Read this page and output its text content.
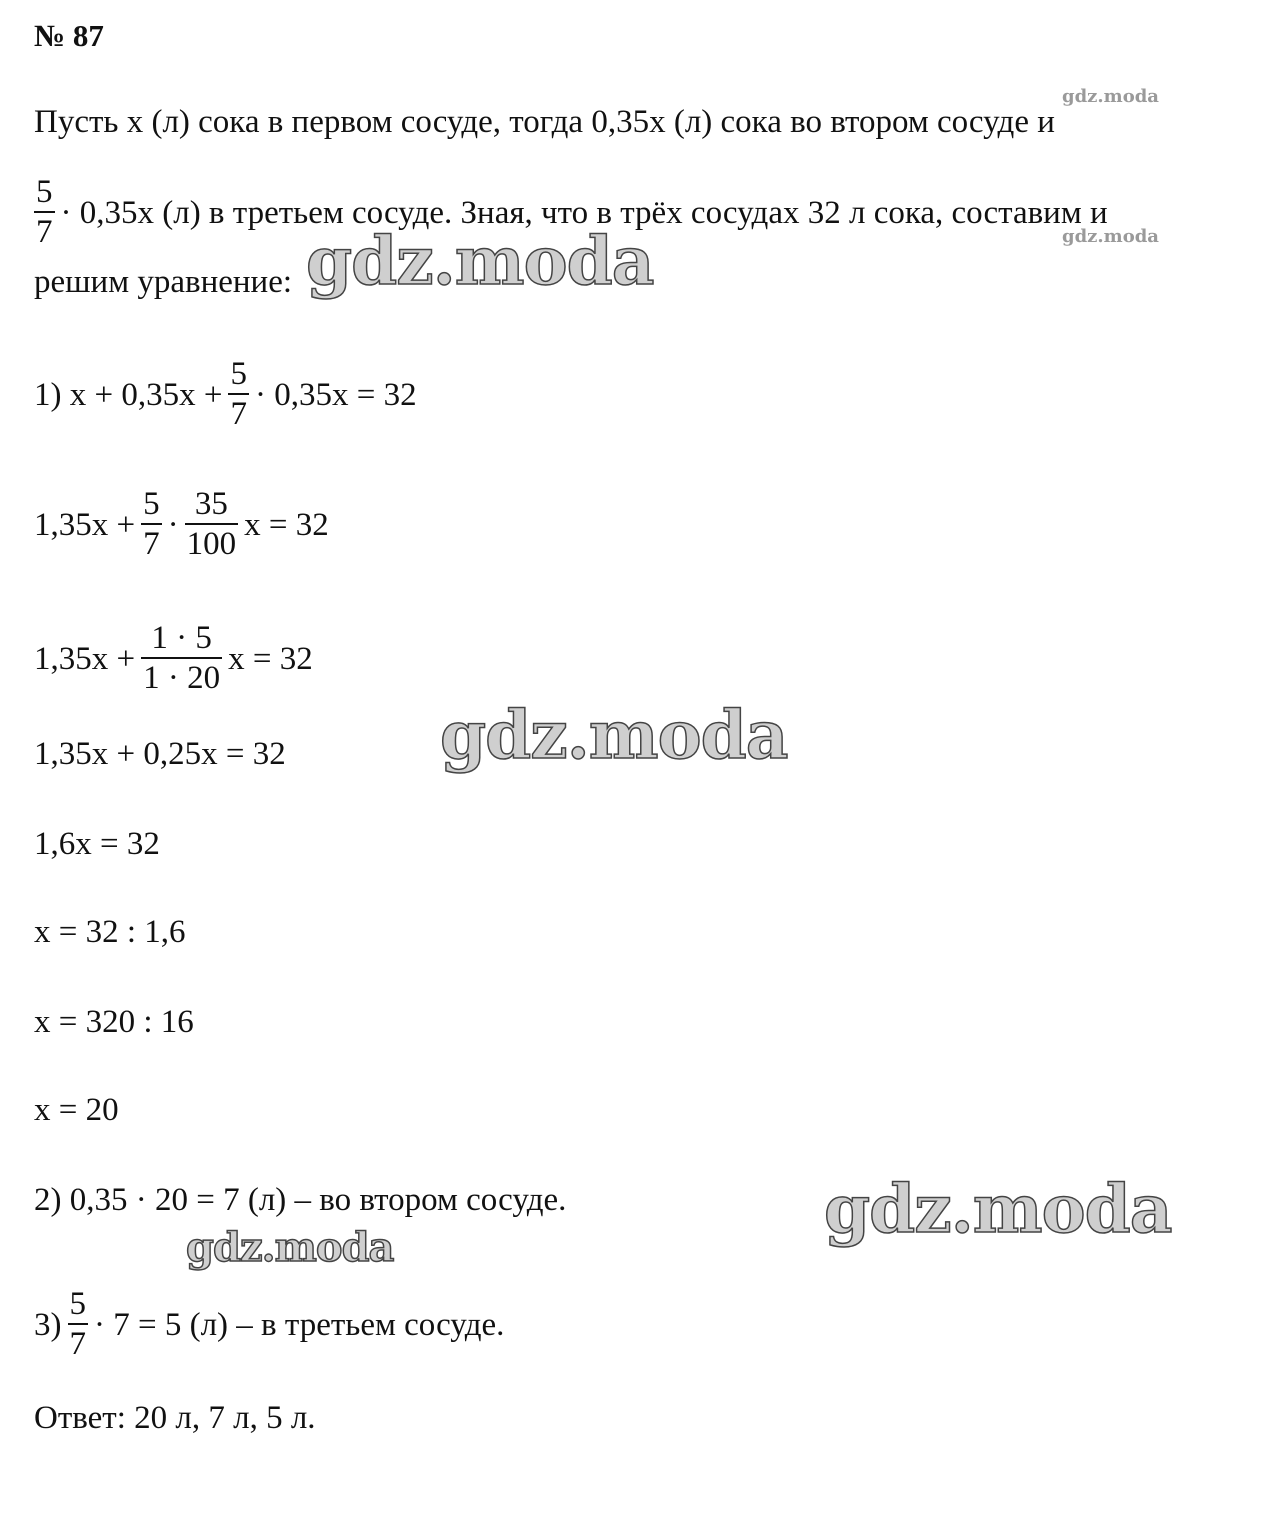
№ 87
gdz.moda
gdz.moda
Пусть x (л) сока в первом сосуде, тогда 0,35x (л) сока во втором сосуде и
$\frac{5}{7} \cdot 0,35x$ (л) в третьем сосуде. Зная, что в трёх сосудах 32 л сока, составим и
решим уравнение: gdz.moda
gdz.moda
gdz.moda
gdz.moda
1) $x + 0,35x + \frac{5}{7} \cdot 0,35x = 32$
$1,35x + \frac{5}{7} \cdot \frac{35}{100}$ x = 32
$1,35x + \frac{1 \cdot 5}{1 \cdot 20}$ x = 32
1,35x + 0,25x = 32
1,6x = 32
x = 32 : 1,6
x = 320 : 16
x = 20
2) 0,35 · 20 = 7 (л) – во втором сосуде.
$3) \frac{5}{7} \cdot 7 = 5$ (л) – в третьем сосуде.
Ответ: 20 л, 7 л, 5 л.
